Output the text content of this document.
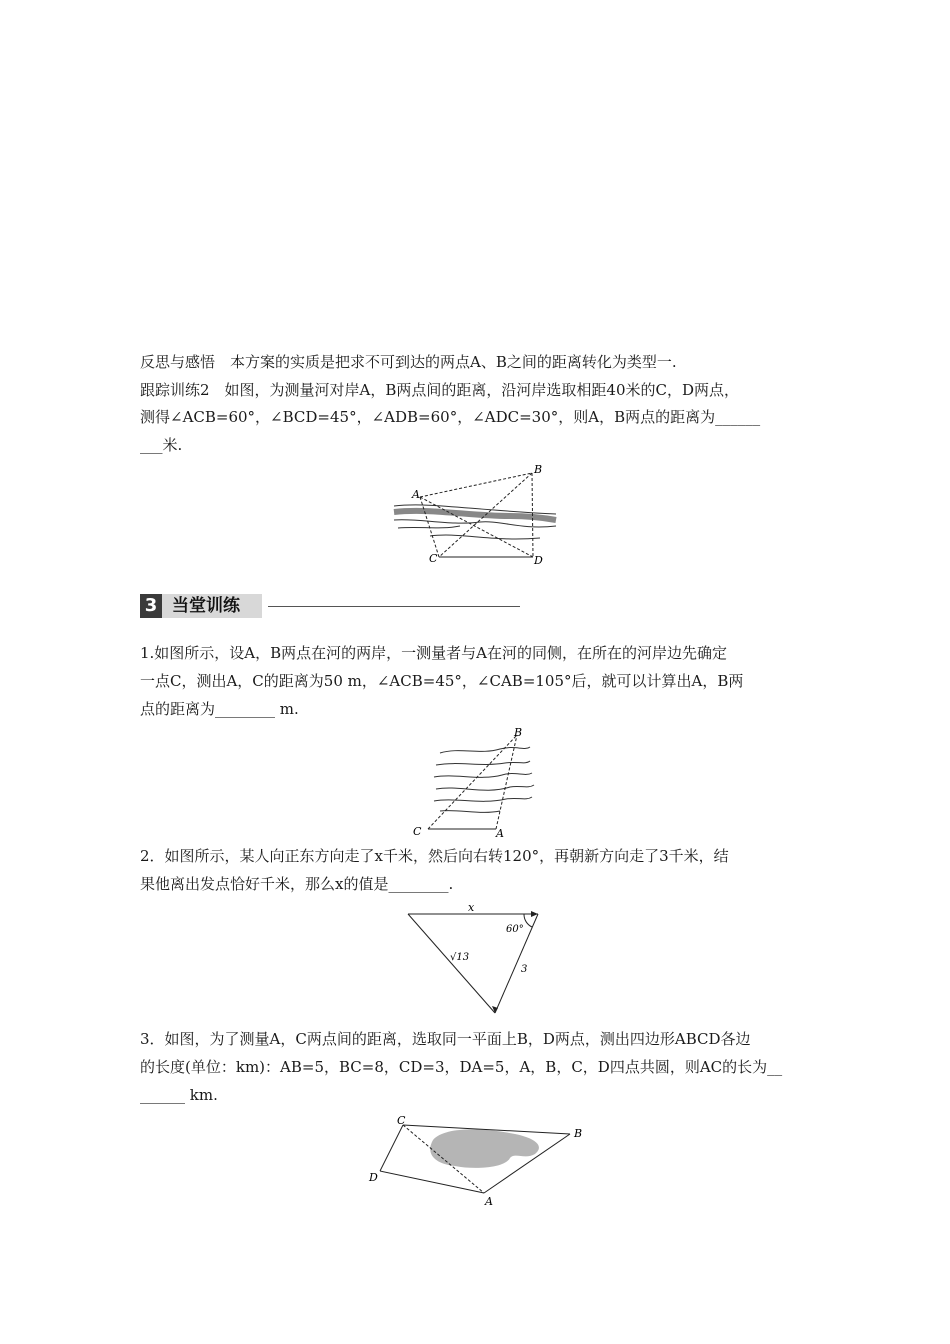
反思与感悟　本方案的实质是把求不可到达的两点A、B之间的距离转化为类型一.
跟踪训练2　如图，为测量河对岸A，B两点间的距离，沿河岸选取相距40米的C，D两点，
测得∠ACB=60°，∠BCD=45°，∠ADB=60°，∠ADC=30°，则A，B两点的距离为______
___米.
A
B
C	D
3 当堂训练
1.如图所示，设A，B两点在河的两岸，一测量者与A在河的同侧，在所在的河岸边先确定
一点C，测出A，C的距离为50 m，∠ACB=45°，∠CAB=105°后，就可以计算出A，B两
点的距离为________ m.
B
C	A
2．如图所示，某人向正东方向走了x千米，然后向右转120°，再朝新方向走了3千米，结
果他离出发点恰好千米，那么x的值是________.
x
60°
√13
3
3．如图，为了测量A，C两点间的距离，选取同一平面上B，D两点，测出四边形ABCD各边
的长度(单位：km)：AB=5，BC=8，CD=3，DA=5，A，B，C，D四点共圆，则AC的长为__
______ km.
C
B
D
A
